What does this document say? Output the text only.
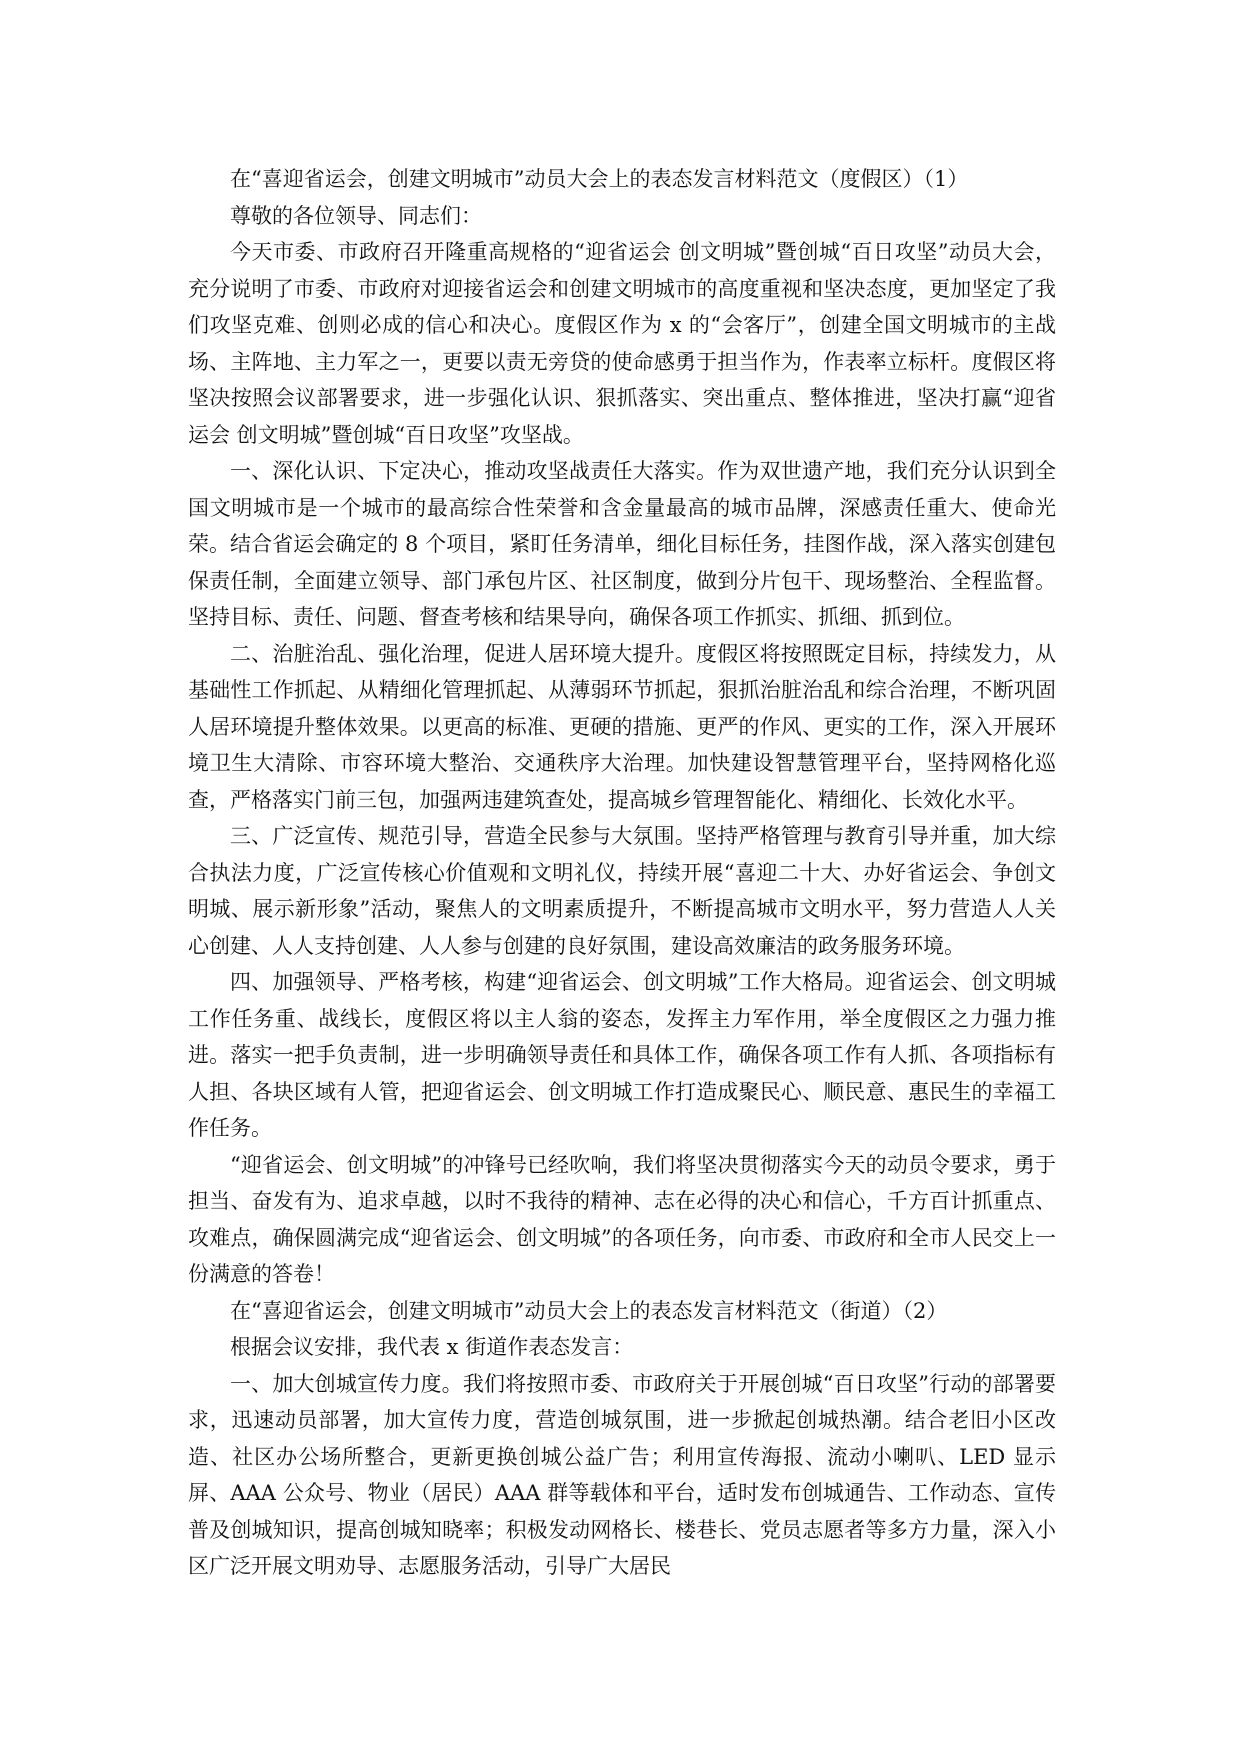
在“喜迎省运会，创建文明城市”动员大会上的表态发言材料范文（度假区）（1）

尊敬的各位领导、同志们：

今天市委、市政府召开隆重高规格的“迎省运会 创文明城”暨创城“百日攻坚”动员大会，充分说明了市委、市政府对迎接省运会和创建文明城市的高度重视和坚决态度，更加坚定了我们攻坚克难、创则必成的信心和决心。度假区作为 x 的“会客厅”，创建全国文明城市的主战场、主阵地、主力军之一，更要以责无旁贷的使命感勇于担当作为，作表率立标杆。度假区将坚决按照会议部署要求，进一步强化认识、狠抓落实、突出重点、整体推进，坚决打赢“迎省运会 创文明城”暨创城“百日攻坚”攻坚战。

一、深化认识、下定决心，推动攻坚战责任大落实。作为双世遗产地，我们充分认识到全国文明城市是一个城市的最高综合性荣誉和含金量最高的城市品牌，深感责任重大、使命光荣。结合省运会确定的 8 个项目，紧盯任务清单，细化目标任务，挂图作战，深入落实创建包保责任制，全面建立领导、部门承包片区、社区制度，做到分片包干、现场整治、全程监督。坚持目标、责任、问题、督查考核和结果导向，确保各项工作抓实、抓细、抓到位。

二、治脏治乱、强化治理，促进人居环境大提升。度假区将按照既定目标，持续发力，从基础性工作抓起、从精细化管理抓起、从薄弱环节抓起，狠抓治脏治乱和综合治理，不断巩固人居环境提升整体效果。以更高的标准、更硬的措施、更严的作风、更实的工作，深入开展环境卫生大清除、市容环境大整治、交通秩序大治理。加快建设智慧管理平台，坚持网格化巡查，严格落实门前三包，加强两违建筑查处，提高城乡管理智能化、精细化、长效化水平。

三、广泛宣传、规范引导，营造全民参与大氛围。坚持严格管理与教育引导并重，加大综合执法力度，广泛宣传核心价值观和文明礼仪，持续开展“喜迎二十大、办好省运会、争创文明城、展示新形象”活动，聚焦人的文明素质提升，不断提高城市文明水平，努力营造人人关心创建、人人支持创建、人人参与创建的良好氛围，建设高效廉洁的政务服务环境。

四、加强领导、严格考核，构建“迎省运会、创文明城”工作大格局。迎省运会、创文明城工作任务重、战线长，度假区将以主人翁的姿态，发挥主力军作用，举全度假区之力强力推进。落实一把手负责制，进一步明确领导责任和具体工作，确保各项工作有人抓、各项指标有人担、各块区域有人管，把迎省运会、创文明城工作打造成聚民心、顺民意、惠民生的幸福工作任务。

“迎省运会、创文明城”的冲锋号已经吹响，我们将坚决贯彻落实今天的动员令要求，勇于担当、奋发有为、追求卓越，以时不我待的精神、志在必得的决心和信心，千方百计抓重点、攻难点，确保圆满完成“迎省运会、创文明城”的各项任务，向市委、市政府和全市人民交上一份满意的答卷！

在“喜迎省运会，创建文明城市”动员大会上的表态发言材料范文（街道）（2）

根据会议安排，我代表 x 街道作表态发言：

一、加大创城宣传力度。我们将按照市委、市政府关于开展创城“百日攻坚”行动的部署要求，迅速动员部署，加大宣传力度，营造创城氛围，进一步掀起创城热潮。结合老旧小区改造、社区办公场所整合，更新更换创城公益广告；利用宣传海报、流动小喇叭、LED 显示屏、AAA 公众号、物业（居民）AAA 群等载体和平台，适时发布创城通告、工作动态、宣传普及创城知识，提高创城知晓率；积极发动网格长、楼巷长、党员志愿者等多方力量，深入小区广泛开展文明劝导、志愿服务活动，引导广大居民
